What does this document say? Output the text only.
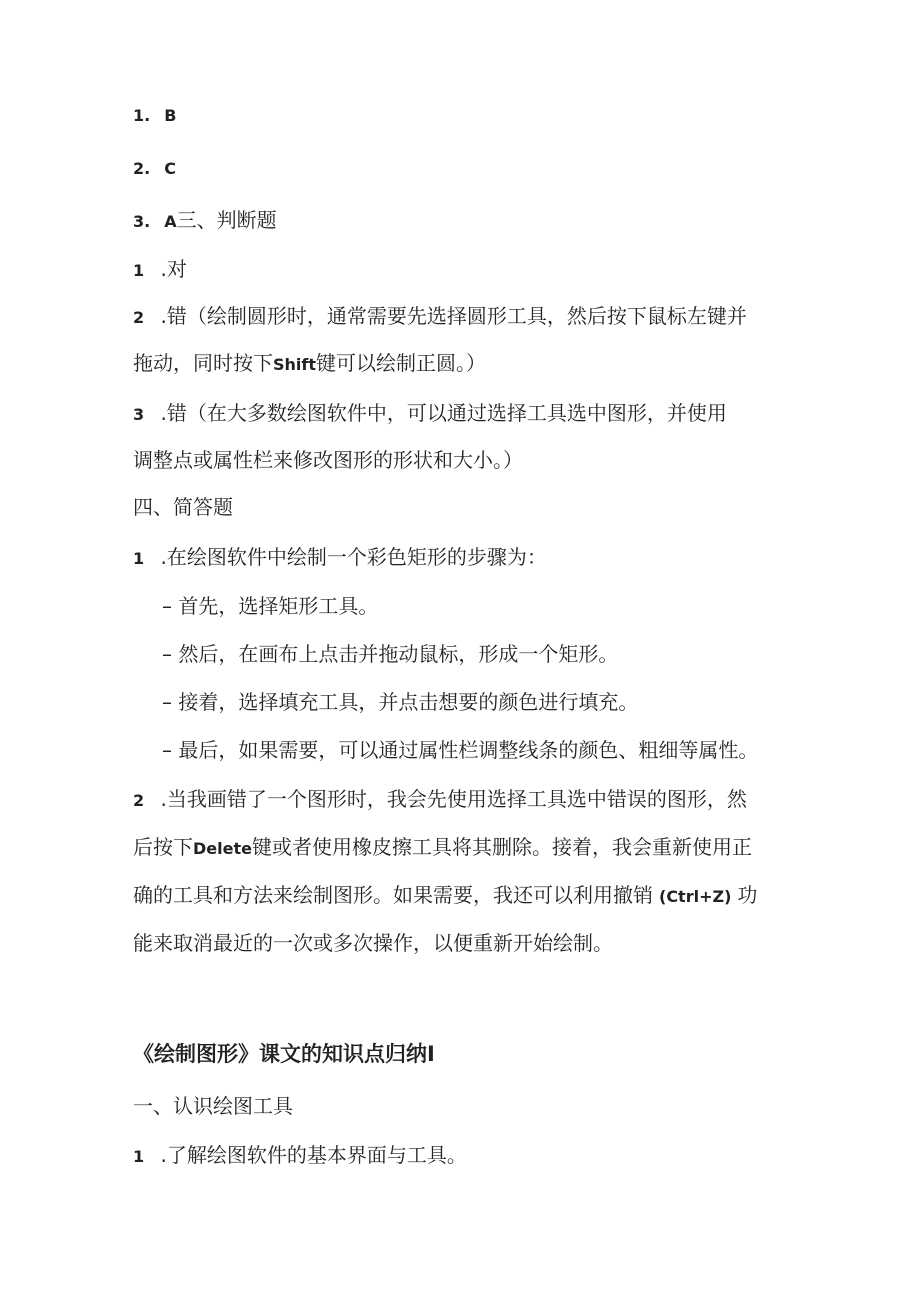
1. B
2. C
3. A三、判断题
1 .对
2 .错（绘制圆形时，通常需要先选择圆形工具，然后按下鼠标左键并
拖动，同时按下Shift键可以绘制正圆。）
3 .错（在大多数绘图软件中，可以通过选择工具选中图形，并使用
调整点或属性栏来修改图形的形状和大小。）
四、简答题
1 .在绘图软件中绘制一个彩色矩形的步骤为：
– 首先，选择矩形工具。
– 然后，在画布上点击并拖动鼠标，形成一个矩形。
– 接着，选择填充工具，并点击想要的颜色进行填充。
– 最后，如果需要，可以通过属性栏调整线条的颜色、粗细等属性。
2 .当我画错了一个图形时，我会先使用选择工具选中错误的图形，然
后按下Delete键或者使用橡皮擦工具将其删除。接着，我会重新使用正
确的工具和方法来绘制图形。如果需要，我还可以利用撤销 (Ctrl+Z) 功
能来取消最近的一次或多次操作，以便重新开始绘制。
《绘制图形》课文的知识点归纳I
一、认识绘图工具
1 .了解绘图软件的基本界面与工具。
